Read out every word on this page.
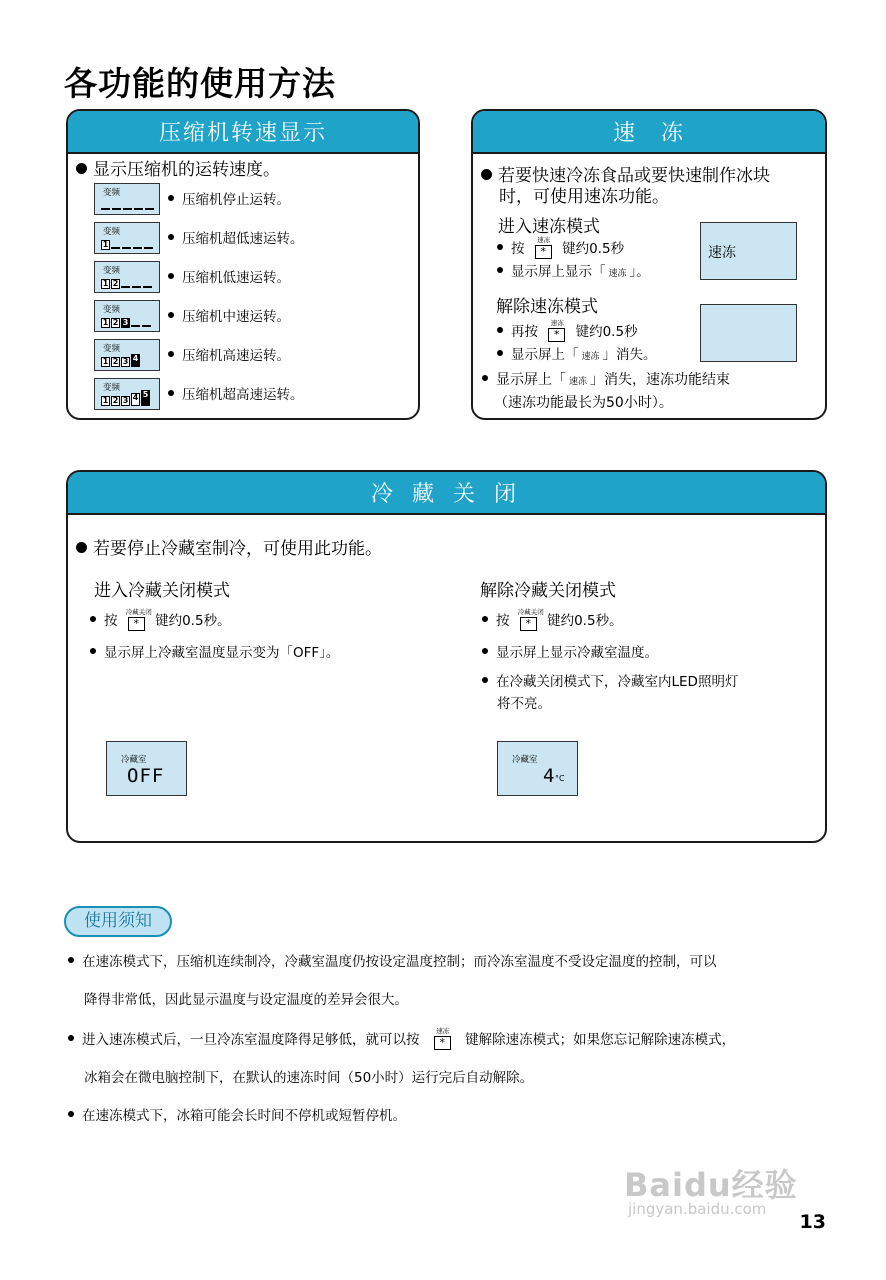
各功能的使用方法
压缩机转速显示
显示压缩机的运转速度。
变频	压缩机停止运转。
变频
1	压缩机超低速运转。
变频
1 2	压缩机低速运转。
变频
1 2 3	压缩机中速运转。
变频
1 2 3 4	压缩机高速运转。
变频
1 2 3 4 5	压缩机超高速运转。
速　冻
若要快速冷冻食品或要快速制作冰块
时，可使用速冻功能。
进入速冻模式
按
速冻
* 键约0.5秒
显示屏上显示「 速冻 」。
速冻
解除速冻模式
再按
速冻
* 键约0.5秒
显示屏上「 速冻 」消失。
显示屏上「 速冻 」消失，速冻功能结束
（速冻功能最长为50小时）。
冷 藏 关 闭
若要停止冷藏室制冷，可使用此功能。
进入冷藏关闭模式
按
冷藏关闭
* 键约0.5秒。
显示屏上冷藏室温度显示变为「OFF」。
冷藏室
OFF
解除冷藏关闭模式
按
冷藏关闭
* 键约0.5秒。
显示屏上显示冷藏室温度。
在冷藏关闭模式下，冷藏室内LED照明灯
将不亮。
冷藏室
4 °C
使用须知
在速冻模式下，压缩机连续制冷，冷藏室温度仍按设定温度控制；而冷冻室温度不受设定温度的控制，可以
降得非常低，因此显示温度与设定温度的差异会很大。
进入速冻模式后，一旦冷冻室温度降得足够低，就可以按
速冻
* 键解除速冻模式；如果您忘记解除速冻模式，
冰箱会在微电脑控制下，在默认的速冻时间（50小时）运行完后自动解除。
在速冻模式下，冰箱可能会长时间不停机或短暂停机。
Baidu经验
jingyan.baidu.com
13
